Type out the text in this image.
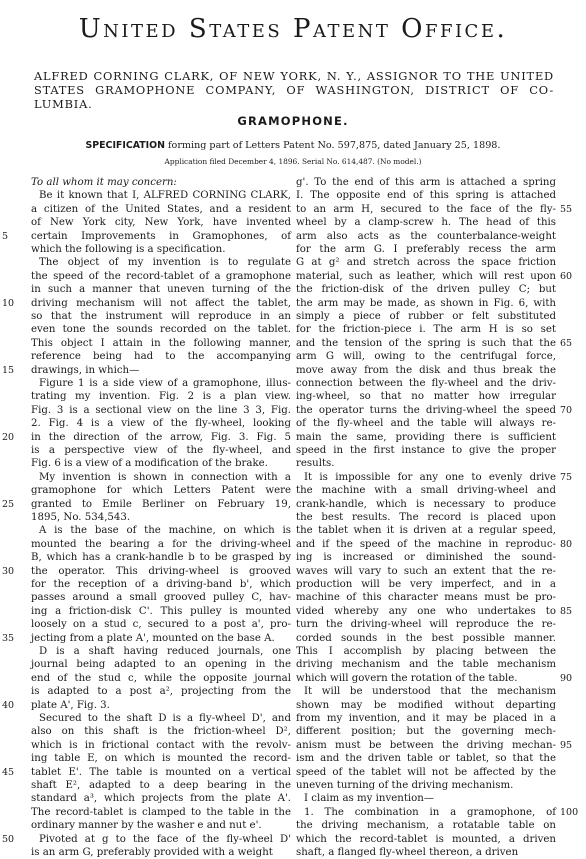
United States Patent Office.
ALFRED CORNING CLARK, OF NEW YORK, N. Y., ASSIGNOR TO THE UNITED
STATES GRAMOPHONE COMPANY, OF WASHINGTON, DISTRICT OF CO-
LUMBIA.
GRAMOPHONE.
SPECIFICATION forming part of Letters Patent No. 597,875, dated January 25, 1898.
Application filed December 4, 1896. Serial No. 614,487. (No model.)
To all whom it may concern:
Be it known that I, ALFRED CORNING CLARK,
a citizen of the United States, and a resident
of New York city, New York, have invented
certain Improvements in Gramophones, of
which the following is a specification.
The object of my invention is to regulate
the speed of the record-tablet of a gramophone
in such a manner that uneven turning of the
driving mechanism will not affect the tablet,
so that the instrument will reproduce in an
even tone the sounds recorded on the tablet.
This object I attain in the following manner,
reference being had to the accompanying
drawings, in which—
Figure 1 is a side view of a gramophone, illus-
trating my invention. Fig. 2 is a plan view.
Fig. 3 is a sectional view on the line 3 3, Fig.
2. Fig. 4 is a view of the fly-wheel, looking
in the direction of the arrow, Fig. 3. Fig. 5
is a perspective view of the fly-wheel, and
Fig. 6 is a view of a modification of the brake.
My invention is shown in connection with a
gramophone for which Letters Patent were
granted to Emile Berliner on February 19,
1895, No. 534,543.
A is the base of the machine, on which is
mounted the bearing a for the driving-wheel
B, which has a crank-handle b to be grasped by
the operator. This driving-wheel is grooved
for the reception of a driving-band b', which
passes around a small grooved pulley C, hav-
ing a friction-disk C'. This pulley is mounted
loosely on a stud c, secured to a post a', pro-
jecting from a plate A', mounted on the base A.
D is a shaft having reduced journals, one
journal being adapted to an opening in the
end of the stud c, while the opposite journal
is adapted to a post a², projecting from the
plate A', Fig. 3.
Secured to the shaft D is a fly-wheel D', and
also on this shaft is the friction-wheel D²,
which is in frictional contact with the revolv-
ing table E, on which is mounted the record-
tablet E'. The table is mounted on a vertical
shaft E², adapted to a deep bearing in the
standard a³, which projects from the plate A'.
The record-tablet is clamped to the table in the
ordinary manner by the washer e and nut e'.
Pivoted at g to the face of the fly-wheel D'
is an arm G, preferably provided with a weight
g'. To the end of this arm is attached a spring
I. The opposite end of this spring is attached
to an arm H, secured to the face of the fly-
wheel by a clamp-screw h. The head of this
arm also acts as the counterbalance-weight
for the arm G. I preferably recess the arm
G at g² and stretch across the space friction
material, such as leather, which will rest upon
the friction-disk of the driven pulley C; but
the arm may be made, as shown in Fig. 6, with
simply a piece of rubber or felt substituted
for the friction-piece i. The arm H is so set
and the tension of the spring is such that the
arm G will, owing to the centrifugal force,
move away from the disk and thus break the
connection between the fly-wheel and the driv-
ing-wheel, so that no matter how irregular
the operator turns the driving-wheel the speed
of the fly-wheel and the table will always re-
main the same, providing there is sufficient
speed in the first instance to give the proper
results.
It is impossible for any one to evenly drive
the machine with a small driving-wheel and
crank-handle, which is necessary to produce
the best results. The record is placed upon
the tablet when it is driven at a regular speed,
and if the speed of the machine in reproduc-
ing is increased or diminished the sound-
waves will vary to such an extent that the re-
production will be very imperfect, and in a
machine of this character means must be pro-
vided whereby any one who undertakes to
turn the driving-wheel will reproduce the re-
corded sounds in the best possible manner.
This I accomplish by placing between the
driving mechanism and the table mechanism
which will govern the rotation of the table.
It will be understood that the mechanism
shown may be modified without departing
from my invention, and it may be placed in a
different position; but the governing mech-
anism must be between the driving mechan-
ism and the driven table or tablet, so that the
speed of the tablet will not be affected by the
uneven turning of the driving mechanism.
I claim as my invention—
1. The combination in a gramophone, of
the driving mechanism, a rotatable table on
which the record-tablet is mounted, a driven
shaft, a flanged fly-wheel thereon, a driven
5
10
15
20
25
30
35
40
45
50
55
60
65
70
75
80
85
90
95
100
